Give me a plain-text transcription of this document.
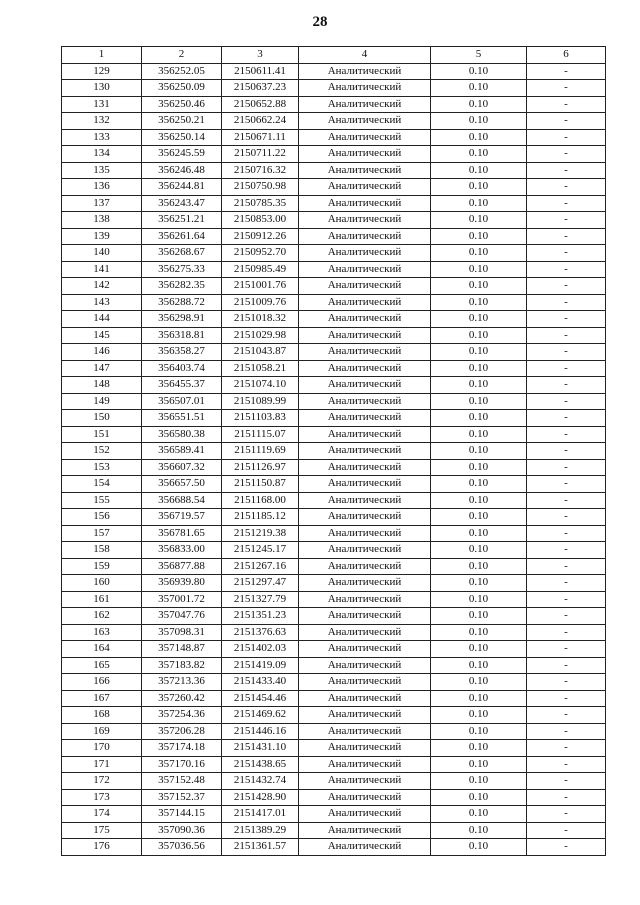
28
1	2	3	4	5	6
129	356252.05	2150611.41	Аналитический	0.10	-
130	356250.09	2150637.23	Аналитический	0.10	-
131	356250.46	2150652.88	Аналитический	0.10	-
132	356250.21	2150662.24	Аналитический	0.10	-
133	356250.14	2150671.11	Аналитический	0.10	-
134	356245.59	2150711.22	Аналитический	0.10	-
135	356246.48	2150716.32	Аналитический	0.10	-
136	356244.81	2150750.98	Аналитический	0.10	-
137	356243.47	2150785.35	Аналитический	0.10	-
138	356251.21	2150853.00	Аналитический	0.10	-
139	356261.64	2150912.26	Аналитический	0.10	-
140	356268.67	2150952.70	Аналитический	0.10	-
141	356275.33	2150985.49	Аналитический	0.10	-
142	356282.35	2151001.76	Аналитический	0.10	-
143	356288.72	2151009.76	Аналитический	0.10	-
144	356298.91	2151018.32	Аналитический	0.10	-
145	356318.81	2151029.98	Аналитический	0.10	-
146	356358.27	2151043.87	Аналитический	0.10	-
147	356403.74	2151058.21	Аналитический	0.10	-
148	356455.37	2151074.10	Аналитический	0.10	-
149	356507.01	2151089.99	Аналитический	0.10	-
150	356551.51	2151103.83	Аналитический	0.10	-
151	356580.38	2151115.07	Аналитический	0.10	-
152	356589.41	2151119.69	Аналитический	0.10	-
153	356607.32	2151126.97	Аналитический	0.10	-
154	356657.50	2151150.87	Аналитический	0.10	-
155	356688.54	2151168.00	Аналитический	0.10	-
156	356719.57	2151185.12	Аналитический	0.10	-
157	356781.65	2151219.38	Аналитический	0.10	-
158	356833.00	2151245.17	Аналитический	0.10	-
159	356877.88	2151267.16	Аналитический	0.10	-
160	356939.80	2151297.47	Аналитический	0.10	-
161	357001.72	2151327.79	Аналитический	0.10	-
162	357047.76	2151351.23	Аналитический	0.10	-
163	357098.31	2151376.63	Аналитический	0.10	-
164	357148.87	2151402.03	Аналитический	0.10	-
165	357183.82	2151419.09	Аналитический	0.10	-
166	357213.36	2151433.40	Аналитический	0.10	-
167	357260.42	2151454.46	Аналитический	0.10	-
168	357254.36	2151469.62	Аналитический	0.10	-
169	357206.28	2151446.16	Аналитический	0.10	-
170	357174.18	2151431.10	Аналитический	0.10	-
171	357170.16	2151438.65	Аналитический	0.10	-
172	357152.48	2151432.74	Аналитический	0.10	-
173	357152.37	2151428.90	Аналитический	0.10	-
174	357144.15	2151417.01	Аналитический	0.10	-
175	357090.36	2151389.29	Аналитический	0.10	-
176	357036.56	2151361.57	Аналитический	0.10	-
